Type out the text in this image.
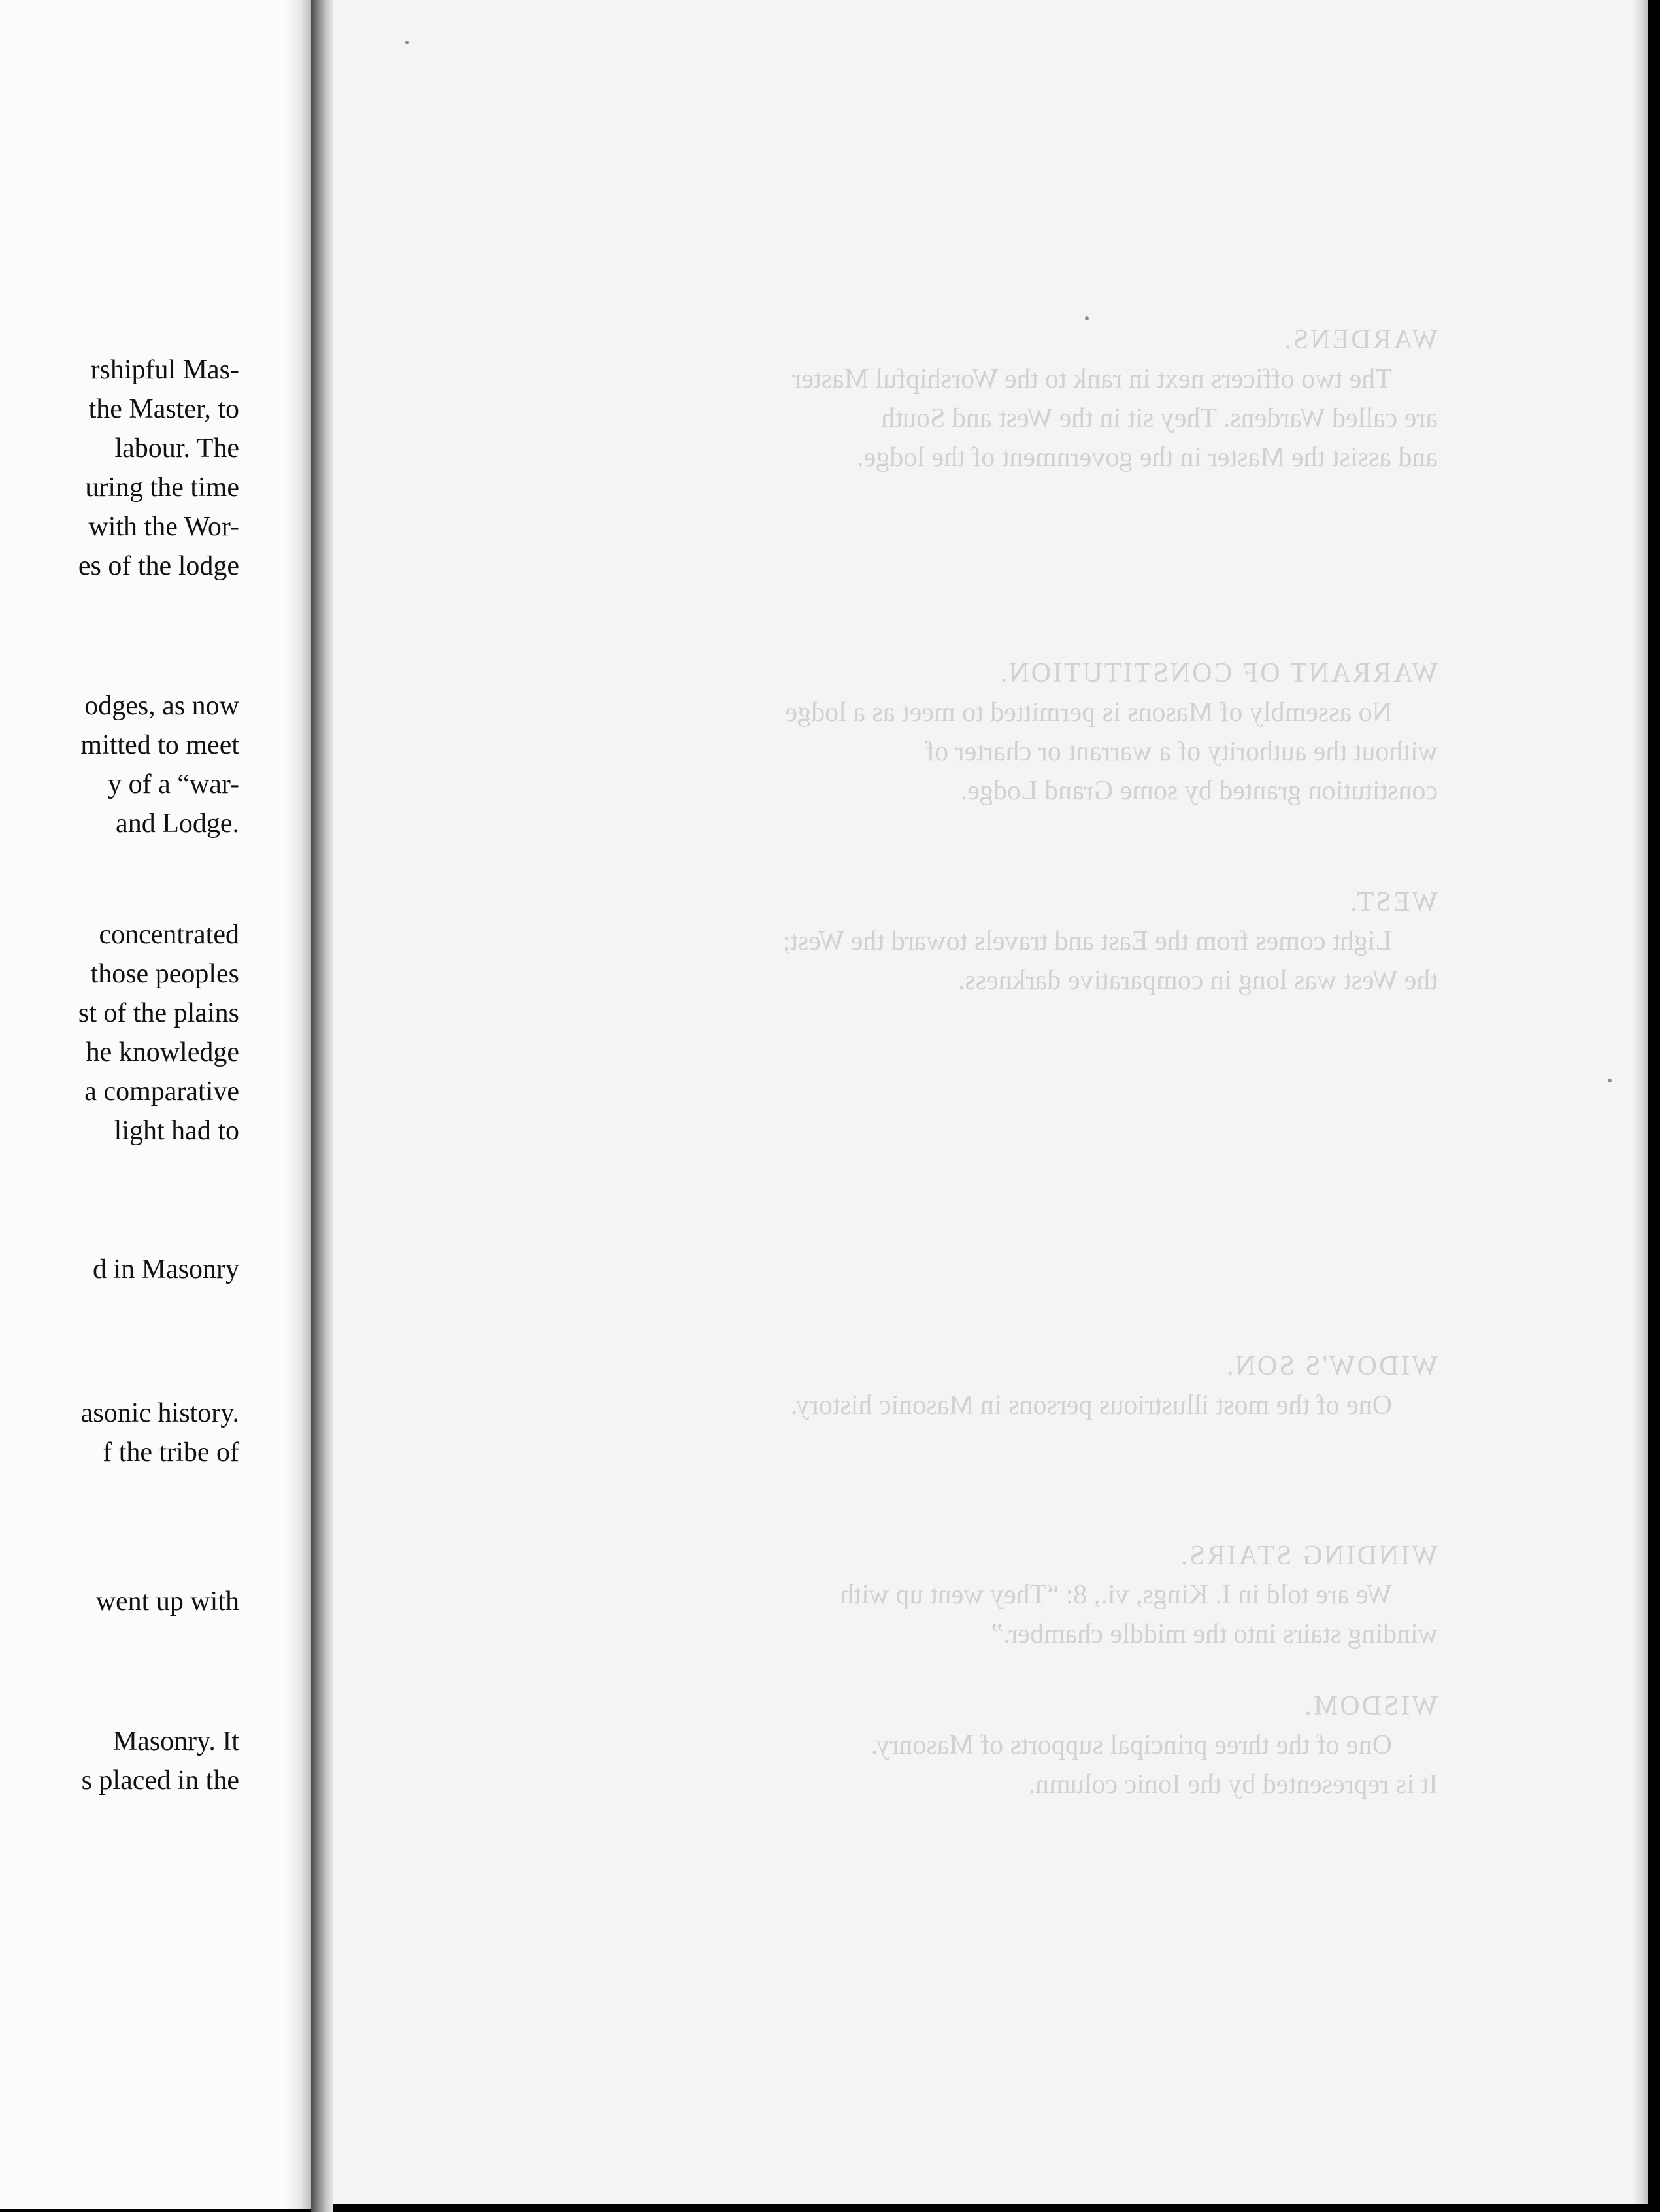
rshipful Mas-

the Master, to

labour. The

uring the time

with the Wor-

es of the lodge

odges, as now

mitted to meet

y of a “war-

and Lodge.

concentrated

those peoples

st of the plains

he knowledge

a comparative

light had to

d in Masonry

asonic history.

f the tribe of

went up with

Masonry. It

s placed in the

WARDENS.

The two officers next in rank to the Worshipful Master

are called Wardens. They sit in the West and South

and assist the Master in the government of the lodge.

WARRANT OF CONSTITUTION.

No assembly of Masons is permitted to meet as a lodge

without the authority of a warrant or charter of

constitution granted by some Grand Lodge.

WEST.

Light comes from the East and travels toward the West;

the West was long in comparative darkness.

WIDOW'S SON.

One of the most illustrious persons in Masonic history.

WINDING STAIRS.

We are told in I. Kings, vi., 8: “They went up with

winding stairs into the middle chamber.”

WISDOM.

One of the three principal supports of Masonry.

It is represented by the Ionic column.
